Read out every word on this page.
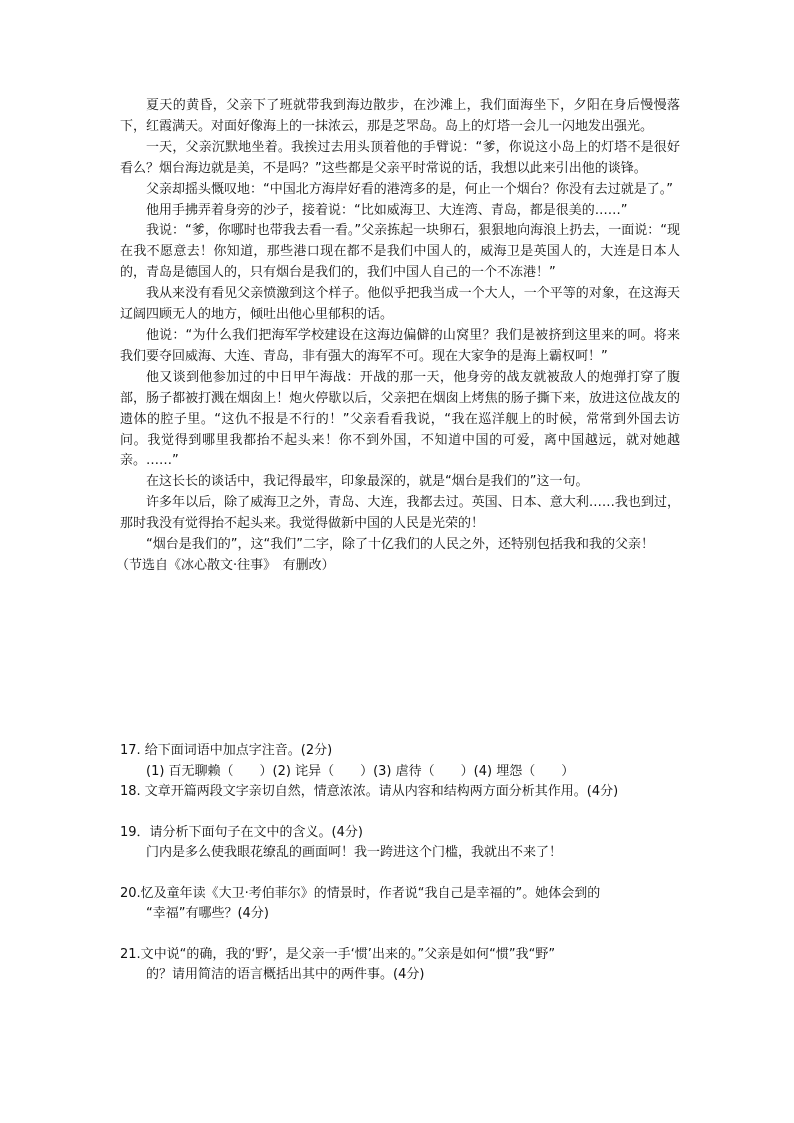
夏天的黄昏，父亲下了班就带我到海边散步，在沙滩上，我们面海坐下，夕阳在身后慢慢落下，红霞满天。对面好像海上的一抹浓云，那是芝罘岛。岛上的灯塔一会儿一闪地发出强光。

一天，父亲沉默地坐着。我挨过去用头顶着他的手臂说：“爹，你说这小岛上的灯塔不是很好看么？烟台海边就是美，不是吗？”这些都是父亲平时常说的话，我想以此来引出他的谈锋。

父亲却摇头慨叹地：“中国北方海岸好看的港湾多的是，何止一个烟台？你没有去过就是了。”

他用手拂弄着身旁的沙子，接着说：“比如威海卫、大连湾、青岛，都是很美的……”

我说：“爹，你哪时也带我去看一看。”父亲拣起一块卵石，狠狠地向海浪上扔去，一面说：“现在我不愿意去！你知道，那些港口现在都不是我们中国人的，威海卫是英国人的，大连是日本人的，青岛是德国人的，只有烟台是我们的，我们中国人自己的一个不冻港！”

我从来没有看见父亲愤激到这个样子。他似乎把我当成一个大人，一个平等的对象，在这海天辽阔四顾无人的地方，倾吐出他心里郁积的话。

他说：“为什么我们把海军学校建设在这海边偏僻的山窝里？我们是被挤到这里来的呵。将来我们要夺回威海、大连、青岛，非有强大的海军不可。现在大家争的是海上霸权呵！”

他又谈到他参加过的中日甲午海战：开战的那一天，他身旁的战友就被敌人的炮弹打穿了腹部，肠子都被打溅在烟囱上！炮火停歇以后，父亲把在烟囱上烤焦的肠子撕下来，放进这位战友的遗体的腔子里。“这仇不报是不行的！”父亲看看我说，“我在巡洋舰上的时候，常常到外国去访问。我觉得到哪里我都抬不起头来！你不到外国，不知道中国的可爱，离中国越远，就对她越亲。……”

在这长长的谈话中，我记得最牢，印象最深的，就是“烟台是我们的”这一句。

许多年以后，除了威海卫之外，青岛、大连，我都去过。英国、日本、意大利……我也到过，那时我没有觉得抬不起头来。我觉得做新中国的人民是光荣的！

“烟台是我们的”，这“我们”二字，除了十亿我们的人民之外，还特别包括我和我的父亲！

（节选自《冰心散文·往事》　有删改）

17. 给下面词语中加点字注音。(2分)
(1) 百无聊赖（　　）(2) 诧异（　　）(3) 虐待（　　）(4) 埋怨（　　）
18. 文章开篇两段文字亲切自然，情意浓浓。请从内容和结构两方面分析其作用。(4分)
19．请分析下面句子在文中的含义。(4分)
门内是多么使我眼花缭乱的画面呵！我一跨进这个门槛，我就出不来了！
20.忆及童年读《大卫·考伯菲尔》的情景时，作者说“我自己是幸福的”。她体会到的
“幸福”有哪些？(4分)
21.文中说“的确，我的‘野’，是父亲一手‘惯’出来的。”父亲是如何“惯”我“野”
的？请用简洁的语言概括出其中的两件事。(4分)
